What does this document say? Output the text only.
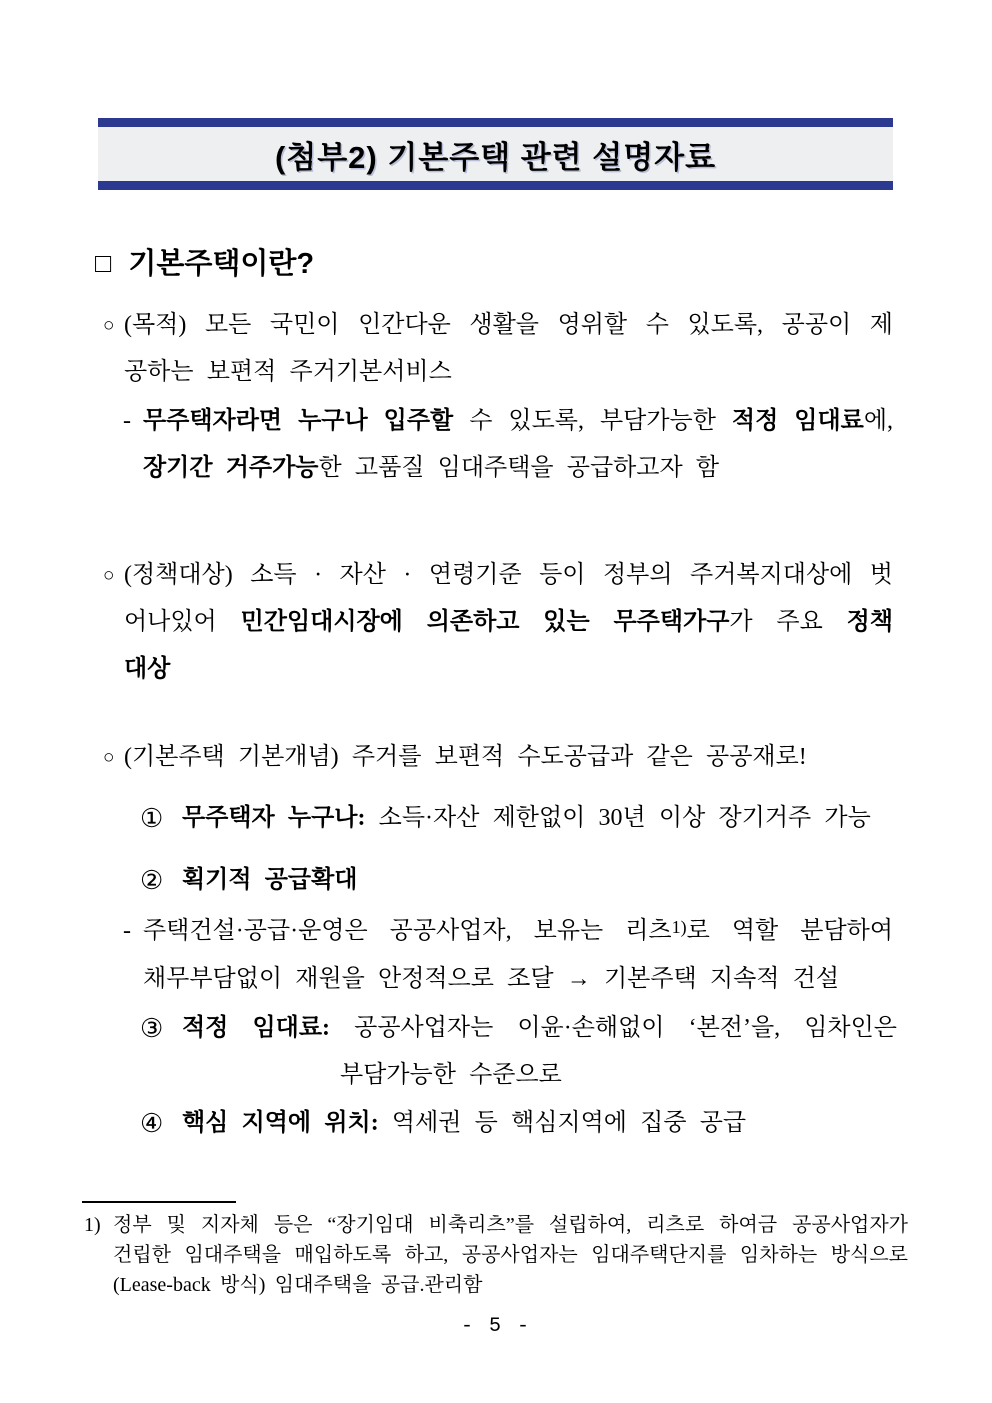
(첨부2) 기본주택 관련 설명자료
□ 기본주택이란?
○ (목적) 모든 국민이 인간다운 생활을 영위할 수 있도록, 공공이 제
공하는 보편적 주거기본서비스
- 무주택자라면 누구나 입주할 수 있도록, 부담가능한 적정 임대료에,
장기간 거주가능한 고품질 임대주택을 공급하고자 함
○ (정책대상) 소득 · 자산 · 연령기준 등이 정부의 주거복지대상에 벗
어나있어 민간임대시장에 의존하고 있는 무주택가구가 주요 정책
대상
○ (기본주택 기본개념) 주거를 보편적 수도공급과 같은 공공재로!
① 무주택자 누구나: 소득·자산 제한없이 30년 이상 장기거주 가능
② 획기적 공급확대
- 주택건설·공급·운영은 공공사업자, 보유는 리츠$^{1)}$로 역할 분담하여
채무부담없이 재원을 안정적으로 조달 → 기본주택 지속적 건설
③ 적정 임대료: 공공사업자는 이윤·손해없이 ‘본전’을, 임차인은
부담가능한 수준으로
④ 핵심 지역에 위치: 역세권 등 핵심지역에 집중 공급
1) 정부 및 지자체 등은 “장기임대 비축리츠”를 설립하여, 리츠로 하여금 공공사업자가
건립한 임대주택을 매입하도록 하고, 공공사업자는 임대주택단지를 임차하는 방식으로
(Lease-back 방식) 임대주택을 공급.관리함
- 5 -
